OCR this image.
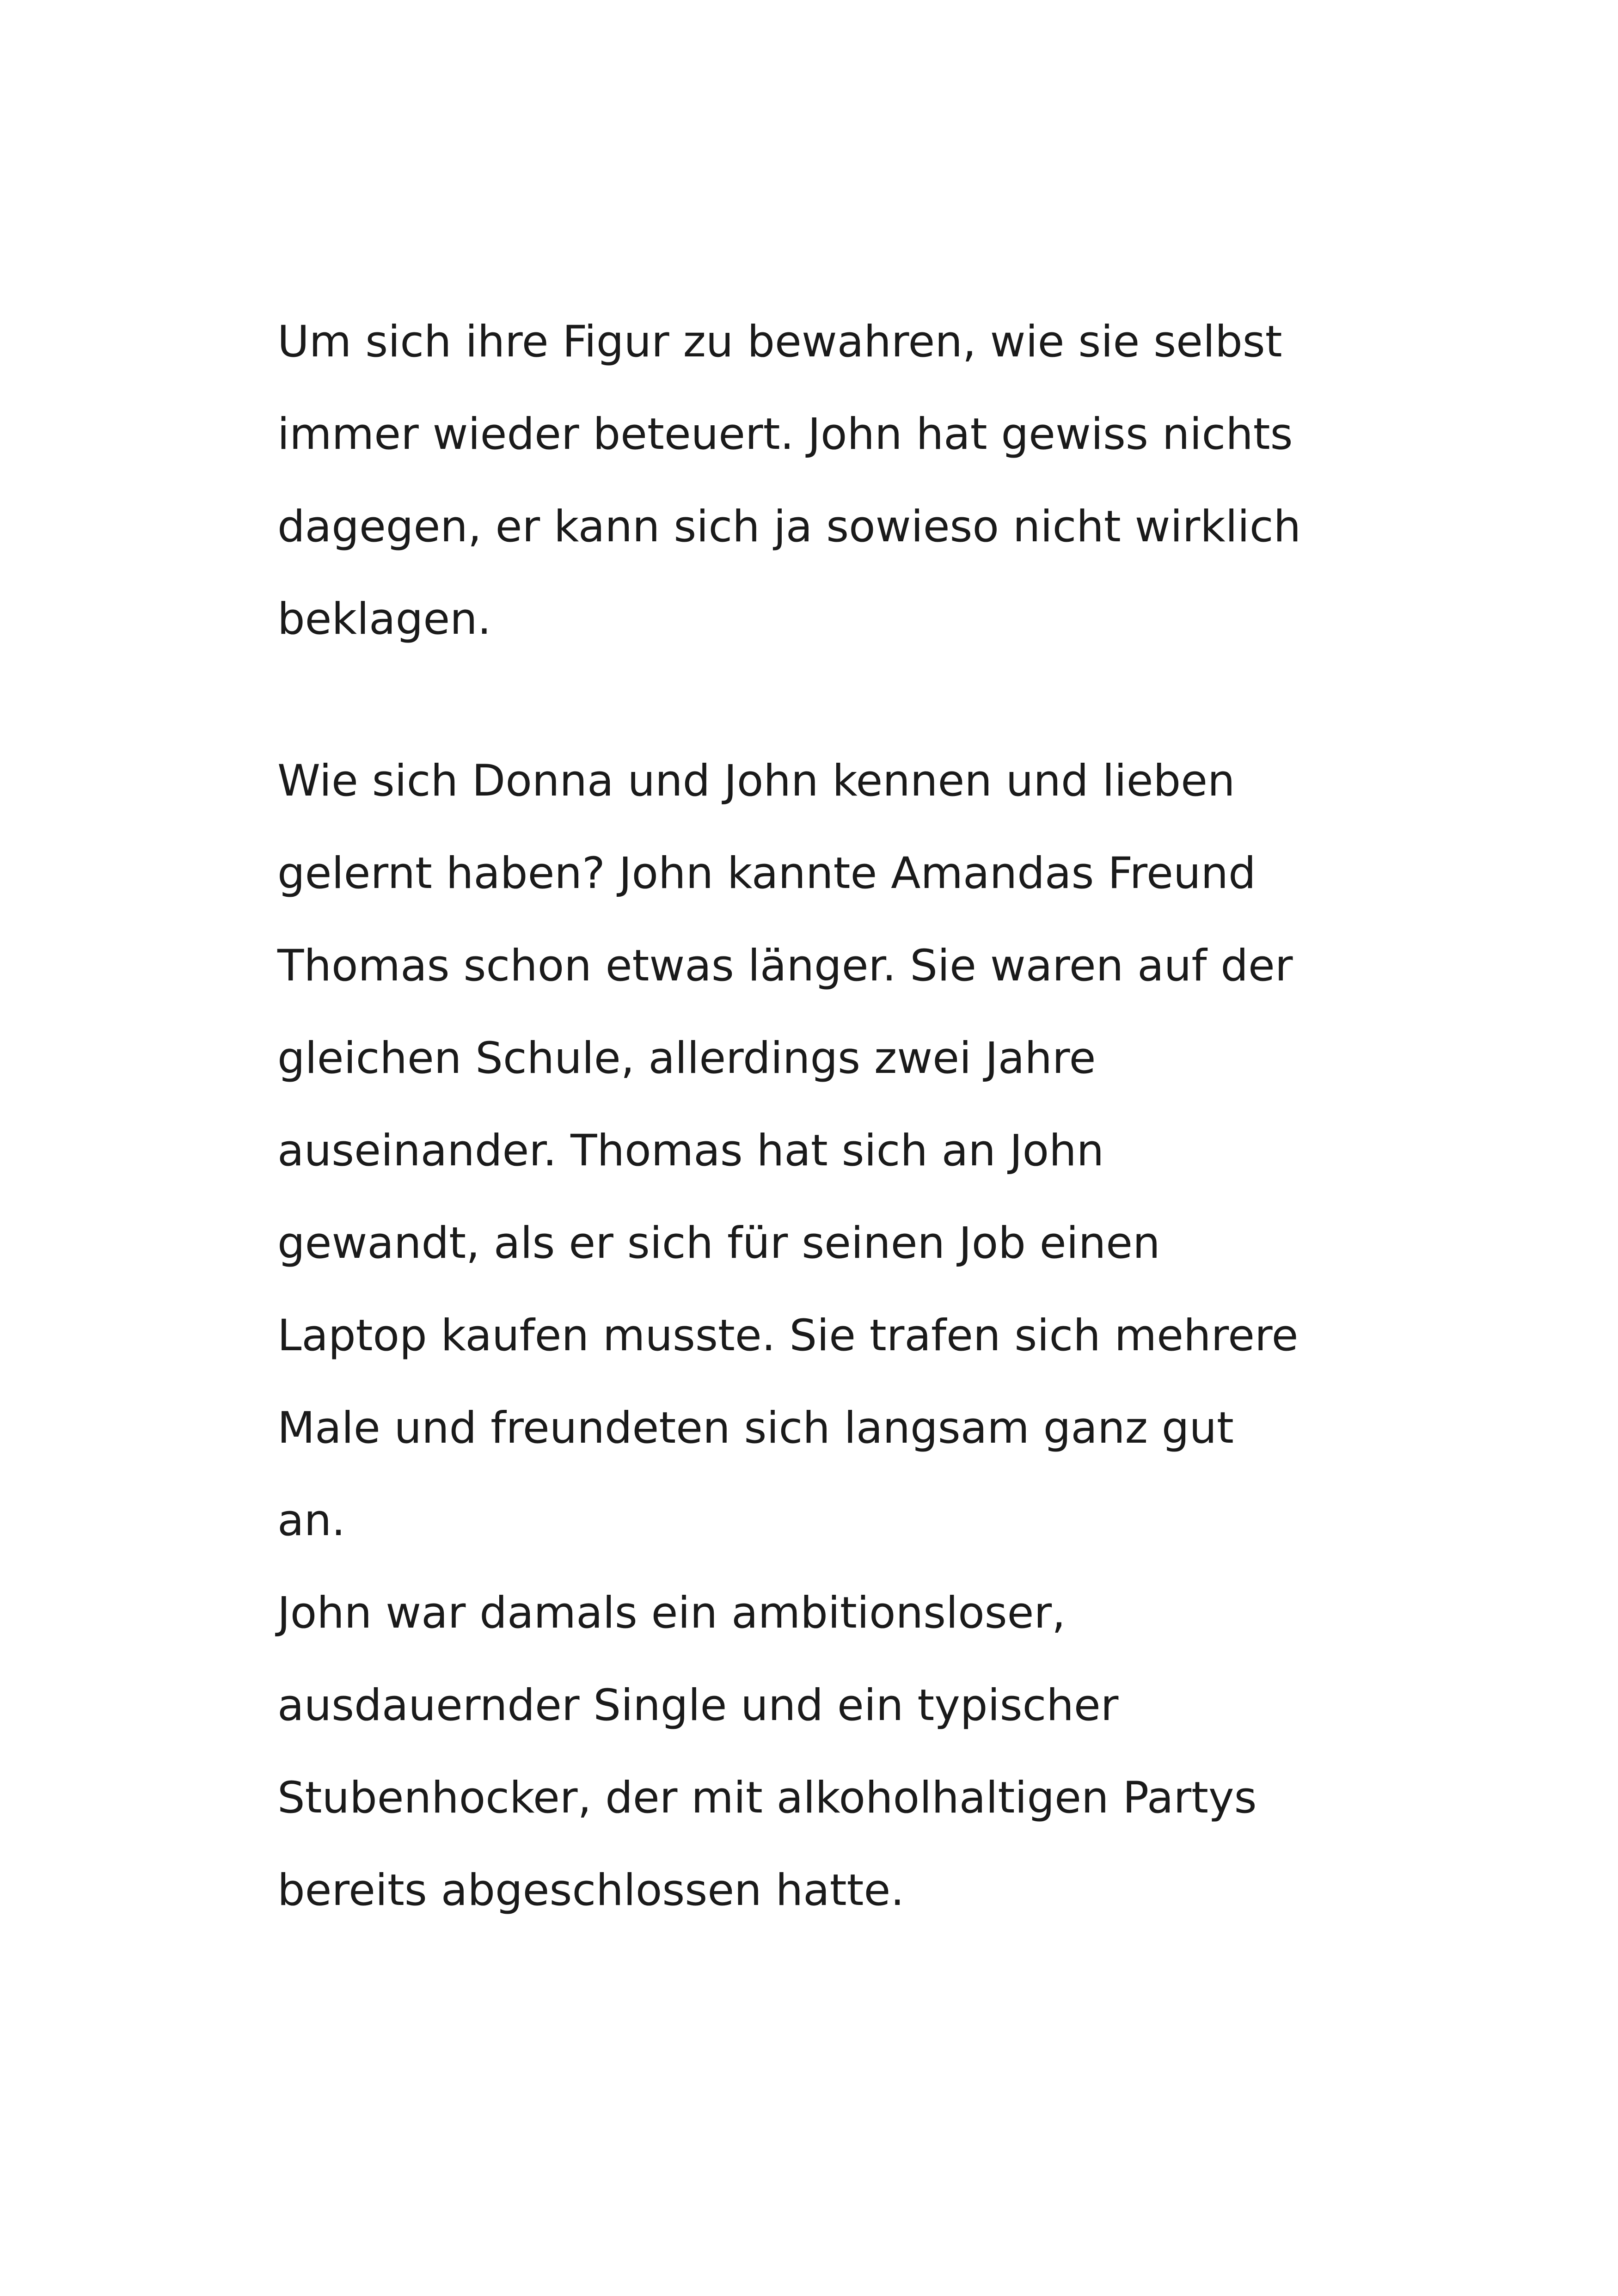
Um sich ihre Figur zu bewahren, wie sie selbst
immer wieder beteuert. John hat gewiss nichts
dagegen, er kann sich ja sowieso nicht wirklich
beklagen.
Wie sich Donna und John kennen und lieben
gelernt haben? John kannte Amandas Freund
Thomas schon etwas länger. Sie waren auf der
gleichen Schule, allerdings zwei Jahre
auseinander. Thomas hat sich an John
gewandt, als er sich für seinen Job einen
Laptop kaufen musste. Sie trafen sich mehrere
Male und freundeten sich langsam ganz gut
an.
John war damals ein ambitionsloser,
ausdauernder Single und ein typischer
Stubenhocker, der mit alkoholhaltigen Partys
bereits abgeschlossen hatte.
